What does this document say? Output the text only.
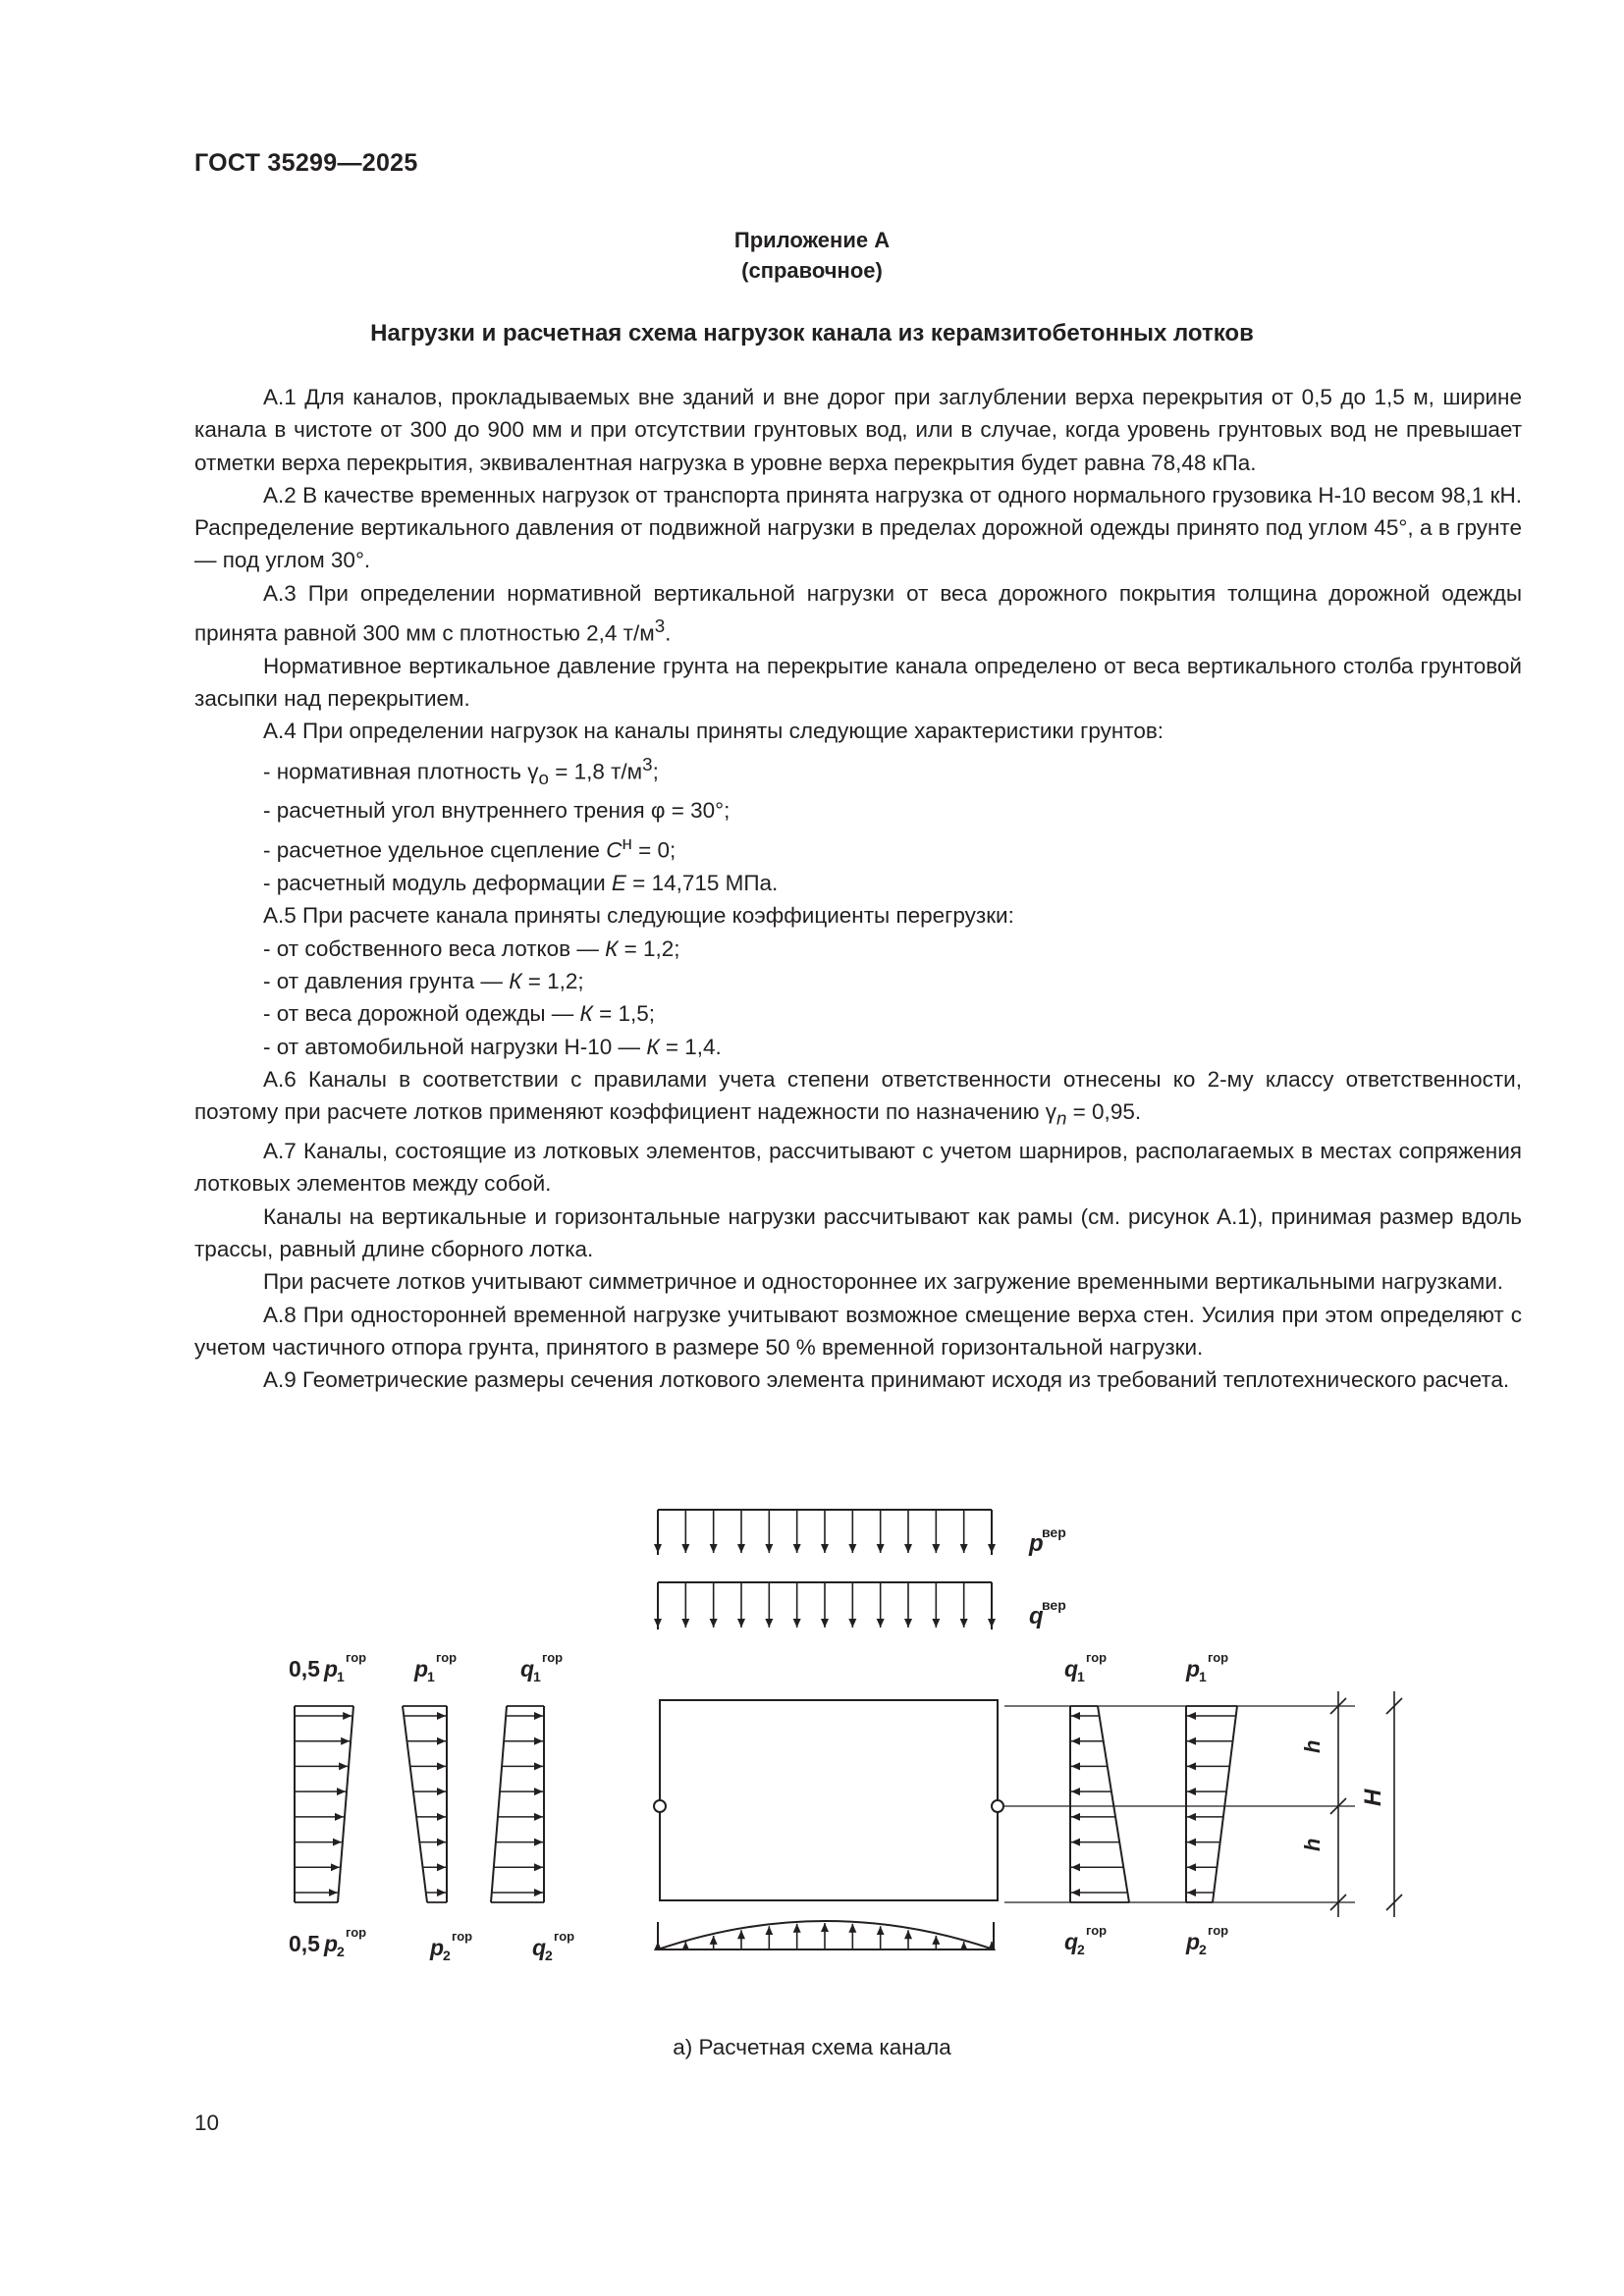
ГОСТ 35299—2025
Приложение А
(справочное)
Нагрузки и расчетная схема нагрузок канала из керамзитобетонных лотков

А.1 Для каналов, прокладываемых вне зданий и вне дорог при заглублении верха перекрытия от 0,5 до 1,5 м, ширине канала в чистоте от 300 до 900 мм и при отсутствии грунтовых вод, или в случае, когда уровень грунтовых вод не превышает отметки верха перекрытия, эквивалентная нагрузка в уровне верха перекрытия будет равна 78,48 кПа.

А.2 В качестве временных нагрузок от транспорта принята нагрузка от одного нормального грузовика Н-10 весом 98,1 кН. Распределение вертикального давления от подвижной нагрузки в пределах дорожной одежды принято под углом 45°, а в грунте — под углом 30°.

А.3 При определении нормативной вертикальной нагрузки от веса дорожного покрытия толщина дорожной одежды принята равной 300 мм с плотностью 2,4 $т/м^3$.

Нормативное вертикальное давление грунта на перекрытие канала определено от веса вертикального столба грунтовой засыпки над перекрытием.

А.4 При определении нагрузок на каналы приняты следующие характеристики грунтов:

- нормативная плотность $\gamma_о = 1,8$ $т/м^3$;

- расчетный угол внутреннего трения φ = 30°;

- расчетное удельное сцепление $С^н = 0$;

- расчетный модуль деформации Е = 14,715 МПа.

А.5 При расчете канала приняты следующие коэффициенты перегрузки:

- от собственного веса лотков — К = 1,2;

- от давления грунта — К = 1,2;

- от веса дорожной одежды — К = 1,5;

- от автомобильной нагрузки Н-10 — К = 1,4.

А.6 Каналы в соответствии с правилами учета степени ответственности отнесены ко 2-му классу ответственности, поэтому при расчете лотков применяют коэффициент надежности по назначению $\gamma_n = 0,95$.

А.7 Каналы, состоящие из лотковых элементов, рассчитывают с учетом шарниров, располагаемых в местах сопряжения лотковых элементов между собой.

Каналы на вертикальные и горизонтальные нагрузки рассчитывают как рамы (см. рисунок А.1), принимая размер вдоль трассы, равный длине сборного лотка.

При расчете лотков учитывают симметричное и одностороннее их загружение временными вертикальными нагрузками.

А.8 При односторонней временной нагрузке учитывают возможное смещение верха стен. Усилия при этом определяют с учетом частичного отпора грунта, принятого в размере 50 % временной горизонтальной нагрузки.

А.9 Геометрические размеры сечения лоткового элемента принимают исходя из требований теплотехнического расчета.

р
вер
q
вер
0,5 р
1
гор р
1
гор	q
1
гор
0,5 р
2
гор
р
2
гор	q
2
гор
q
1
гор	р
1
гор
q
2
гор	р
2
гор
h
h
H
а) Расчетная схема канала
10
